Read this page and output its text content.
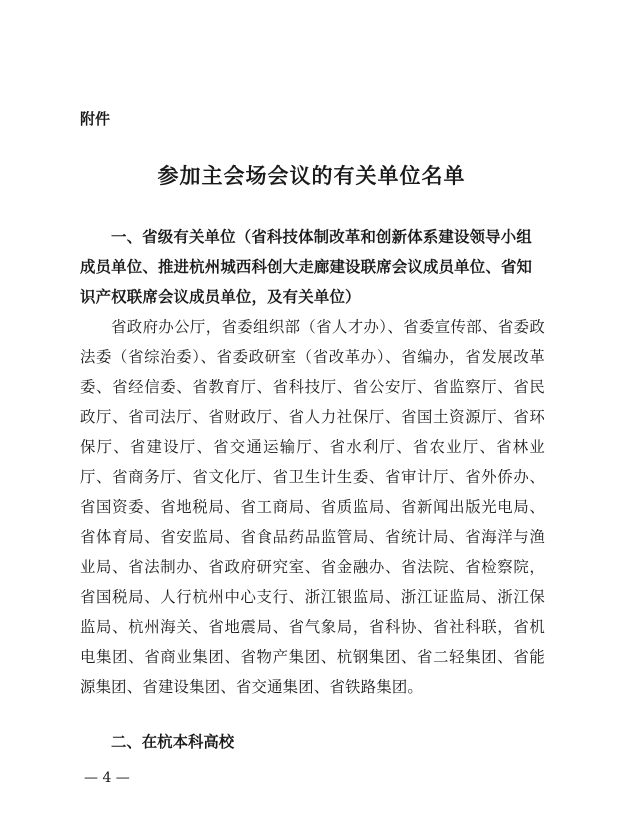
附件
参加主会场会议的有关单位名单

一、省级有关单位（省科技体制改革和创新体系建设领导小组成员单位、推进杭州城西科创大走廊建设联席会议成员单位、省知识产权联席会议成员单位，及有关单位）

省政府办公厅，省委组织部（省人才办）、省委宣传部、省委政法委（省综治委）、省委政研室（省改革办）、省编办，省发展改革委、省经信委、省教育厅、省科技厅、省公安厅、省监察厅、省民政厅、省司法厅、省财政厅、省人力社保厅、省国土资源厅、省环保厅、省建设厅、省交通运输厅、省水利厅、省农业厅、省林业厅、省商务厅、省文化厅、省卫生计生委、省审计厅、省外侨办、省国资委、省地税局、省工商局、省质监局、省新闻出版光电局、省体育局、省安监局、省食品药品监管局、省统计局、省海洋与渔业局、省法制办、省政府研究室、省金融办、省法院、省检察院，省国税局、人行杭州中心支行、浙江银监局、浙江证监局、浙江保监局、杭州海关、省地震局、省气象局，省科协、省社科联，省机电集团、省商业集团、省物产集团、杭钢集团、省二轻集团、省能源集团、省建设集团、省交通集团、省铁路集团。

二、在杭本科高校

— 4 —
